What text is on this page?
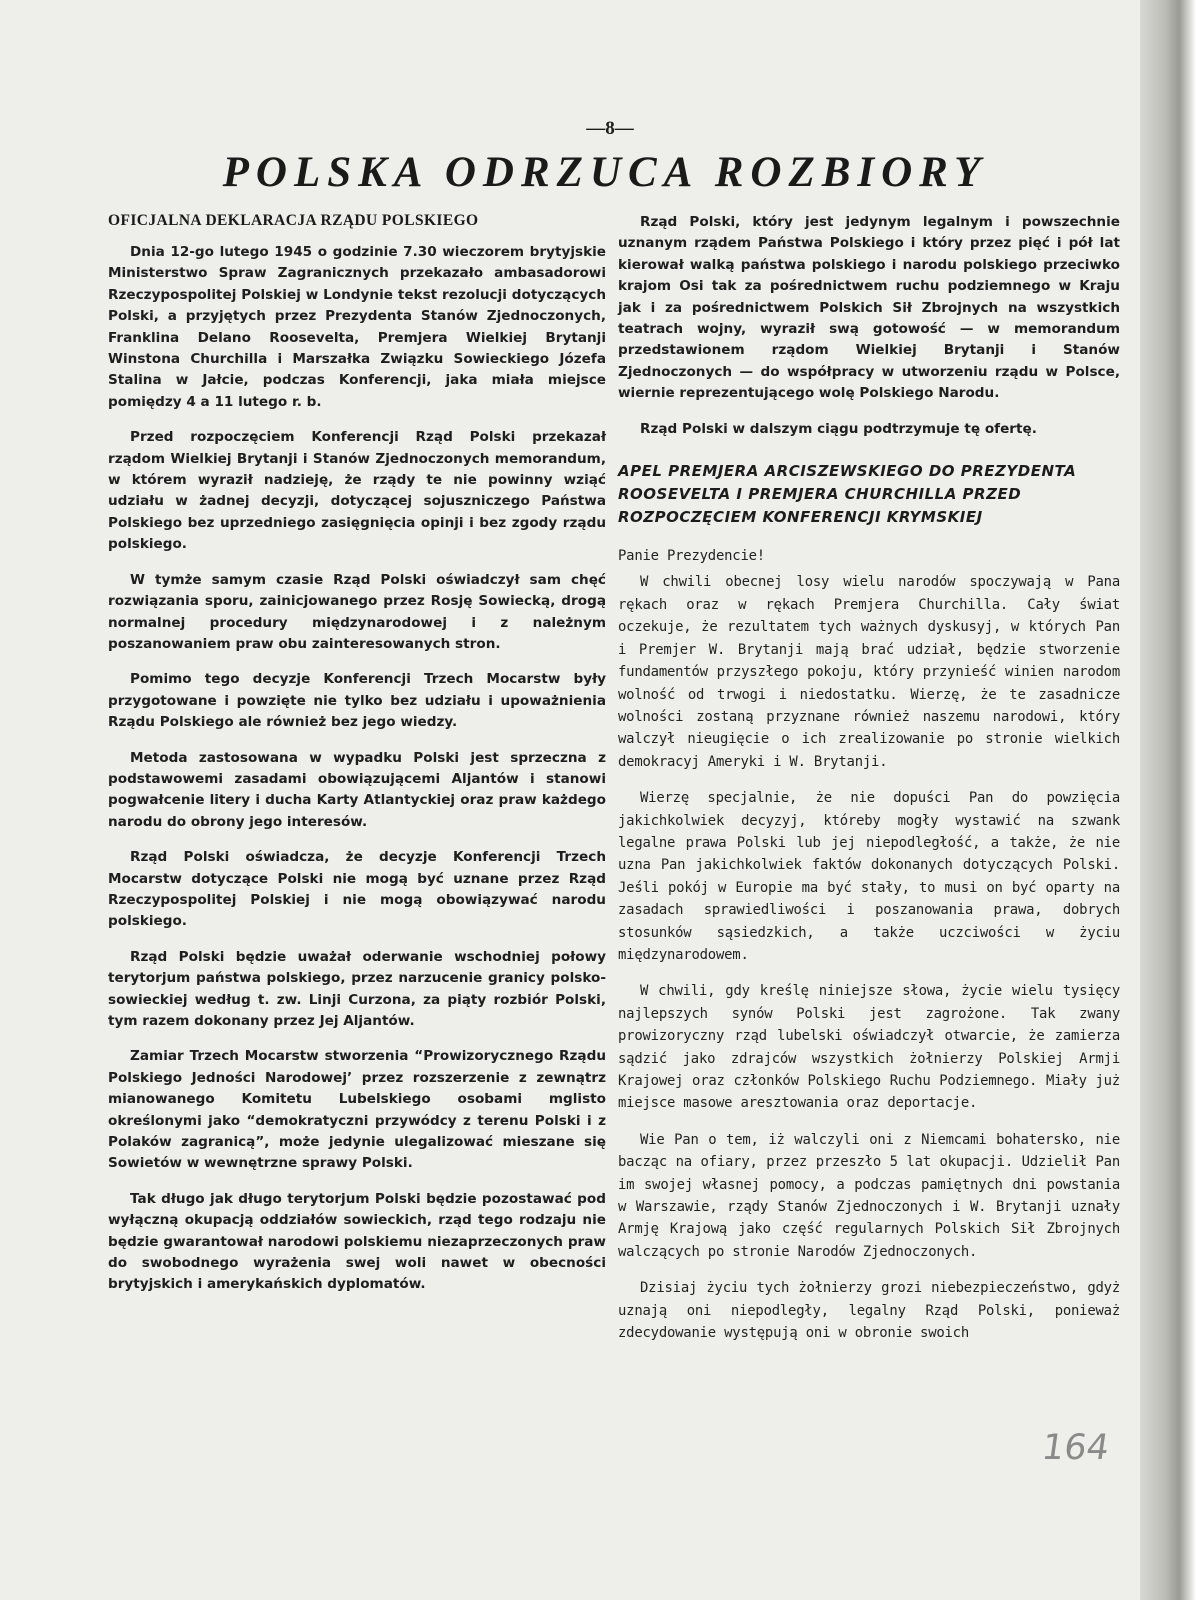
—8—
POLSKA ODRZUCA ROZBIORY
OFICJALNA DEKLARACJA RZĄDU POLSKIEGO

Dnia 12-go lutego 1945 o godzinie 7.30 wieczorem brytyjskie Ministerstwo Spraw Zagranicznych przekazało ambasadorowi Rzeczypospolitej Polskiej w Londynie tekst rezolucji dotyczących Polski, a przyjętych przez Prezydenta Stanów Zjednoczonych, Franklina Delano Roosevelta, Premjera Wielkiej Brytanji Winstona Churchilla i Marszałka Związku Sowieckiego Józefa Stalina w Jałcie, podczas Konferencji, jaka miała miejsce pomiędzy 4 a 11 lutego r. b.

Przed rozpoczęciem Konferencji Rząd Polski przekazał rządom Wielkiej Brytanji i Stanów Zjednoczonych memorandum, w którem wyraził nadzieję, że rządy te nie powinny wziąć udziału w żadnej decyzji, dotyczącej sojuszniczego Państwa Polskiego bez uprzedniego zasięgnięcia opinji i bez zgody rządu polskiego.

W tymże samym czasie Rząd Polski oświadczył sam chęć rozwiązania sporu, zainicjowanego przez Rosję Sowiecką, drogą normalnej procedury międzynarodowej i z należnym poszanowaniem praw obu zainteresowanych stron.

Pomimo tego decyzje Konferencji Trzech Mocarstw były przygotowane i powzięte nie tylko bez udziału i upoważnienia Rządu Polskiego ale również bez jego wiedzy.

Metoda zastosowana w wypadku Polski jest sprzeczna z podstawowemi zasadami obowiązującemi Aljantów i stanowi pogwałcenie litery i ducha Karty Atlantyckiej oraz praw każdego narodu do obrony jego interesów.

Rząd Polski oświadcza, że decyzje Konferencji Trzech Mocarstw dotyczące Polski nie mogą być uznane przez Rząd Rzeczypospolitej Polskiej i nie mogą obowiązywać narodu polskiego.

Rząd Polski będzie uważał oderwanie wschodniej połowy terytorjum państwa polskiego, przez narzucenie granicy polsko-sowieckiej według t. zw. Linji Curzona, za piąty rozbiór Polski, tym razem dokonany przez Jej Aljantów.

Zamiar Trzech Mocarstw stworzenia “Prowizorycznego Rządu Polskiego Jedności Narodowej’ przez rozszerzenie z zewnątrz mianowanego Komitetu Lubelskiego osobami mglisto określonymi jako “demokratyczni przywódcy z terenu Polski i z Polaków zagranicą”, może jedynie ulegalizować mieszane się Sowietów w wewnętrzne sprawy Polski.

Tak długo jak długo terytorjum Polski będzie pozostawać pod wyłączną okupacją oddziałów sowieckich, rząd tego rodzaju nie będzie gwarantował narodowi polskiemu niezaprzeczonych praw do swobodnego wyrażenia swej woli nawet w obecności brytyjskich i amerykańskich dyplomatów.

Rząd Polski, który jest jedynym legalnym i powszechnie uznanym rządem Państwa Polskiego i który przez pięć i pół lat kierował walką państwa polskiego i narodu polskiego przeciwko krajom Osi tak za pośrednictwem ruchu podziemnego w Kraju jak i za pośrednictwem Polskich Sił Zbrojnych na wszystkich teatrach wojny, wyraził swą gotowość — w memorandum przedstawionem rządom Wielkiej Brytanji i Stanów Zjednoczonych — do współpracy w utworzeniu rządu w Polsce, wiernie reprezentującego wolę Polskiego Narodu.

Rząd Polski w dalszym ciągu podtrzymuje tę ofertę.

APEL PREMJERA ARCISZEWSKIEGO DO PREZYDENTA ROOSEVELTA I PREMJERA CHURCHILLA PRZED ROZPOCZĘCIEM KONFERENCJI KRYMSKIEJ

Panie Prezydencie!

W chwili obecnej losy wielu narodów spoczywają w Pana rękach oraz w rękach Premjera Churchilla. Cały świat oczekuje, że rezultatem tych ważnych dyskusyj, w których Pan i Premjer W. Brytanji mają brać udział, będzie stworzenie fundamentów przyszłego pokoju, który przynieść winien narodom wolność od trwogi i niedostatku. Wierzę, że te zasadnicze wolności zostaną przyznane również naszemu narodowi, który walczył nieugięcie o ich zrealizowanie po stronie wielkich demokracyj Ameryki i W. Brytanji.

Wierzę specjalnie, że nie dopuści Pan do powzięcia jakichkolwiek decyzyj, któreby mogły wystawić na szwank legalne prawa Polski lub jej niepodległość, a także, że nie uzna Pan jakichkolwiek faktów dokonanych dotyczących Polski. Jeśli pokój w Europie ma być stały, to musi on być oparty na zasadach sprawiedliwości i poszanowania prawa, dobrych stosunków sąsiedzkich, a także uczciwości w życiu międzynarodowem.

W chwili, gdy kreślę niniejsze słowa, życie wielu tysięcy najlepszych synów Polski jest zagrożone. Tak zwany prowizoryczny rząd lubelski oświadczył otwarcie, że zamierza sądzić jako zdrajców wszystkich żołnierzy Polskiej Armji Krajowej oraz członków Polskiego Ruchu Podziemnego. Miały już miejsce masowe aresztowania oraz deportacje.

Wie Pan o tem, iż walczyli oni z Niemcami bohatersko, nie bacząc na ofiary, przez przeszło 5 lat okupacji. Udzielił Pan im swojej własnej pomocy, a podczas pamiętnych dni powstania w Warszawie, rządy Stanów Zjednoczonych i W. Brytanji uznały Armję Krajową jako część regularnych Polskich Sił Zbrojnych walczących po stronie Narodów Zjednoczonych.

Dzisiaj życiu tych żołnierzy grozi niebezpieczeństwo, gdyż uznają oni niepodległy, legalny Rząd Polski, ponieważ zdecydowanie występują oni w obronie swoich

164
